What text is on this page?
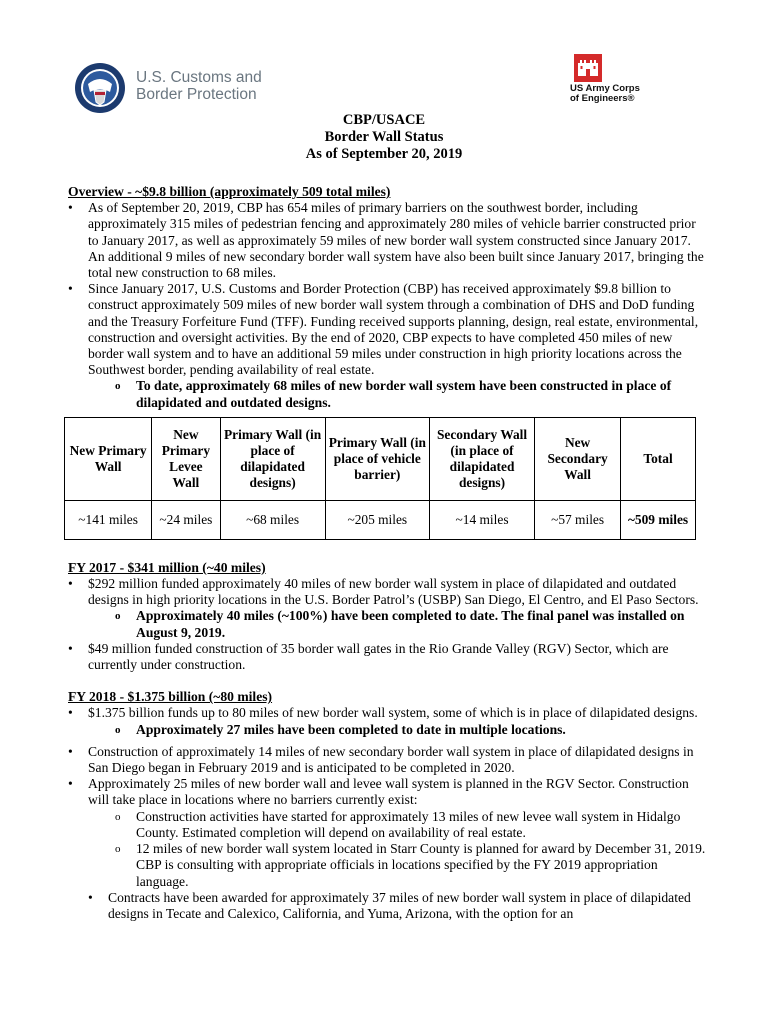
U.S. Customs and
Border Protection	US Army Corps
of Engineers®
CBP/USACE
Border Wall Status
As of September 20, 2019

Overview - ~$9.8 billion (approximately 509 total miles)

• As of September 20, 2019, CBP has 654 miles of primary barriers on the southwest border, including approximately 315 miles of pedestrian fencing and approximately 280 miles of vehicle barrier constructed prior to January 2017, as well as approximately 59 miles of new border wall system constructed since January 2017. An additional 9 miles of new secondary border wall system have also been built since January 2017, bringing the total new construction to 68 miles.
• Since January 2017, U.S. Customs and Border Protection (CBP) has received approximately $9.8 billion to construct approximately 509 miles of new border wall system through a combination of DHS and DoD funding and the Treasury Forfeiture Fund (TFF). Funding received supports planning, design, real estate, environmental, construction and oversight activities. By the end of 2020, CBP expects to have completed 450 miles of new border wall system and to have an additional 59 miles under construction in high priority locations across the Southwest border, pending availability of real estate.
o To date, approximately 68 miles of new border wall system have been constructed in place of dilapidated and outdated designs.
New Primary Wall	New Primary Levee Wall	Primary Wall (in place of dilapidated designs)	Primary Wall (in place of vehicle barrier)	Secondary Wall (in place of dilapidated designs)	New Secondary Wall	Total
~141 miles	~24 miles	~68 miles	~205 miles	~14 miles	~57 miles	~509 miles

FY 2017 - $341 million (~40 miles)

• $292 million funded approximately 40 miles of new border wall system in place of dilapidated and outdated designs in high priority locations in the U.S. Border Patrol’s (USBP) San Diego, El Centro, and El Paso Sectors.
o Approximately 40 miles (~100%) have been completed to date. The final panel was installed on August 9, 2019.
• $49 million funded construction of 35 border wall gates in the Rio Grande Valley (RGV) Sector, which are currently under construction.

FY 2018 - $1.375 billion (~80 miles)

• $1.375 billion funds up to 80 miles of new border wall system, some of which is in place of dilapidated designs.
o Approximately 27 miles have been completed to date in multiple locations.
• Construction of approximately 14 miles of new secondary border wall system in place of dilapidated designs in San Diego began in February 2019 and is anticipated to be completed in 2020.
• Approximately 25 miles of new border wall and levee wall system is planned in the RGV Sector. Construction will take place in locations where no barriers currently exist:
o Construction activities have started for approximately 13 miles of new levee wall system in Hidalgo County. Estimated completion will depend on availability of real estate.
o 12 miles of new border wall system located in Starr County is planned for award by December 31, 2019. CBP is consulting with appropriate officials in locations specified by the FY 2019 appropriation language.
• Contracts have been awarded for approximately 37 miles of new border wall system in place of dilapidated designs in Tecate and Calexico, California, and Yuma, Arizona, with the option for an
